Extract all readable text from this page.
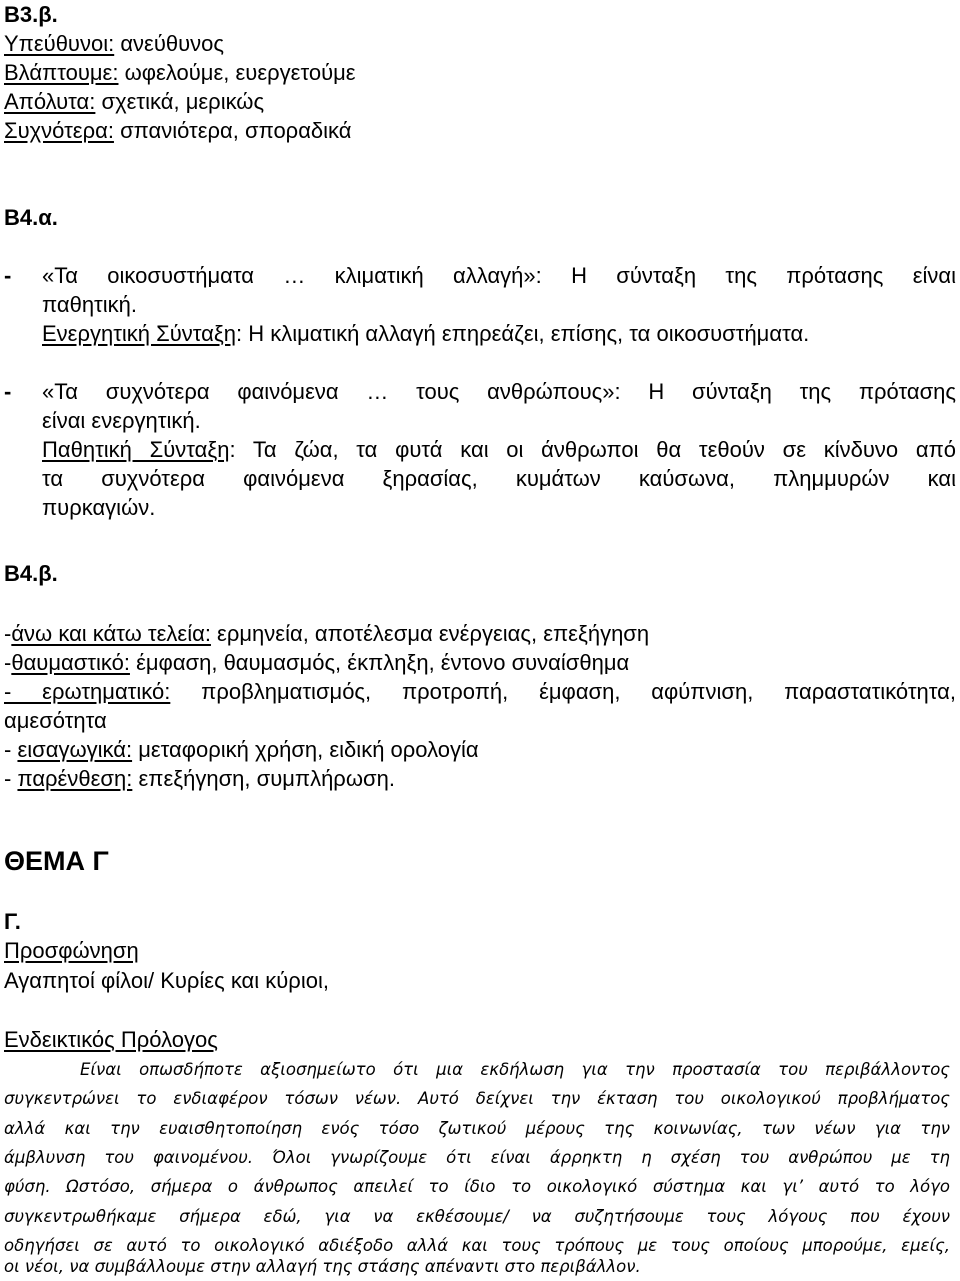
Β3.β.
Υπεύθυνοι: ανεύθυνος
Βλάπτουμε: ωφελούμε, ευεργετούμε
Απόλυτα: σχετικά, μερικώς
Συχνότερα: σπανιότερα, σποραδικά
Β4.α.
- «Τα οικοσυστήματα … κλιματική αλλαγή»: Η σύνταξη της πρότασης είναι
παθητική.
Ενεργητική Σύνταξη: Η κλιματική αλλαγή επηρεάζει, επίσης, τα οικοσυστήματα.
- «Τα συχνότερα φαινόμενα … τους ανθρώπους»: Η σύνταξη της πρότασης
είναι ενεργητική.
Παθητική Σύνταξη: Τα ζώα, τα φυτά και οι άνθρωποι θα τεθούν σε κίνδυνο από
τα συχνότερα φαινόμενα ξηρασίας, κυμάτων καύσωνα, πλημμυρών και
πυρκαγιών.
Β4.β.
-άνω και κάτω τελεία: ερμηνεία, αποτέλεσμα ενέργειας, επεξήγηση
-θαυμαστικό: έμφαση, θαυμασμός, έκπληξη, έντονο συναίσθημα
- ερωτηματικό: προβληματισμός, προτροπή, έμφαση, αφύπνιση, παραστατικότητα,
αμεσότητα
- εισαγωγικά: μεταφορική χρήση, ειδική ορολογία
- παρένθεση: επεξήγηση, συμπλήρωση.
ΘΕΜΑ Γ
Γ.
Προσφώνηση
Αγαπητοί φίλοι/ Κυρίες και κύριοι,
Ενδεικτικός Πρόλογος
Είναι οπωσδήποτε αξιοσημείωτο ότι μια εκδήλωση για την προστασία του περιβάλλοντος
συγκεντρώνει το ενδιαφέρον τόσων νέων. Αυτό δείχνει την έκταση του οικολογικού προβλήματος
αλλά και την ευαισθητοποίηση ενός τόσο ζωτικού μέρους της κοινωνίας, των νέων για την
άμβλυνση του φαινομένου. Όλοι γνωρίζουμε ότι είναι άρρηκτη η σχέση του ανθρώπου με τη
φύση. Ωστόσο, σήμερα ο άνθρωπος απειλεί το ίδιο το οικολογικό σύστημα και γι’ αυτό το λόγο
συγκεντρωθήκαμε σήμερα εδώ, για να εκθέσουμε/ να συζητήσουμε τους λόγους που έχουν
οδηγήσει σε αυτό το οικολογικό αδιέξοδο αλλά και τους τρόπους με τους οποίους μπορούμε, εμείς,
οι νέοι, να συμβάλλουμε στην αλλαγή της στάσης απέναντι στο περιβάλλον.
